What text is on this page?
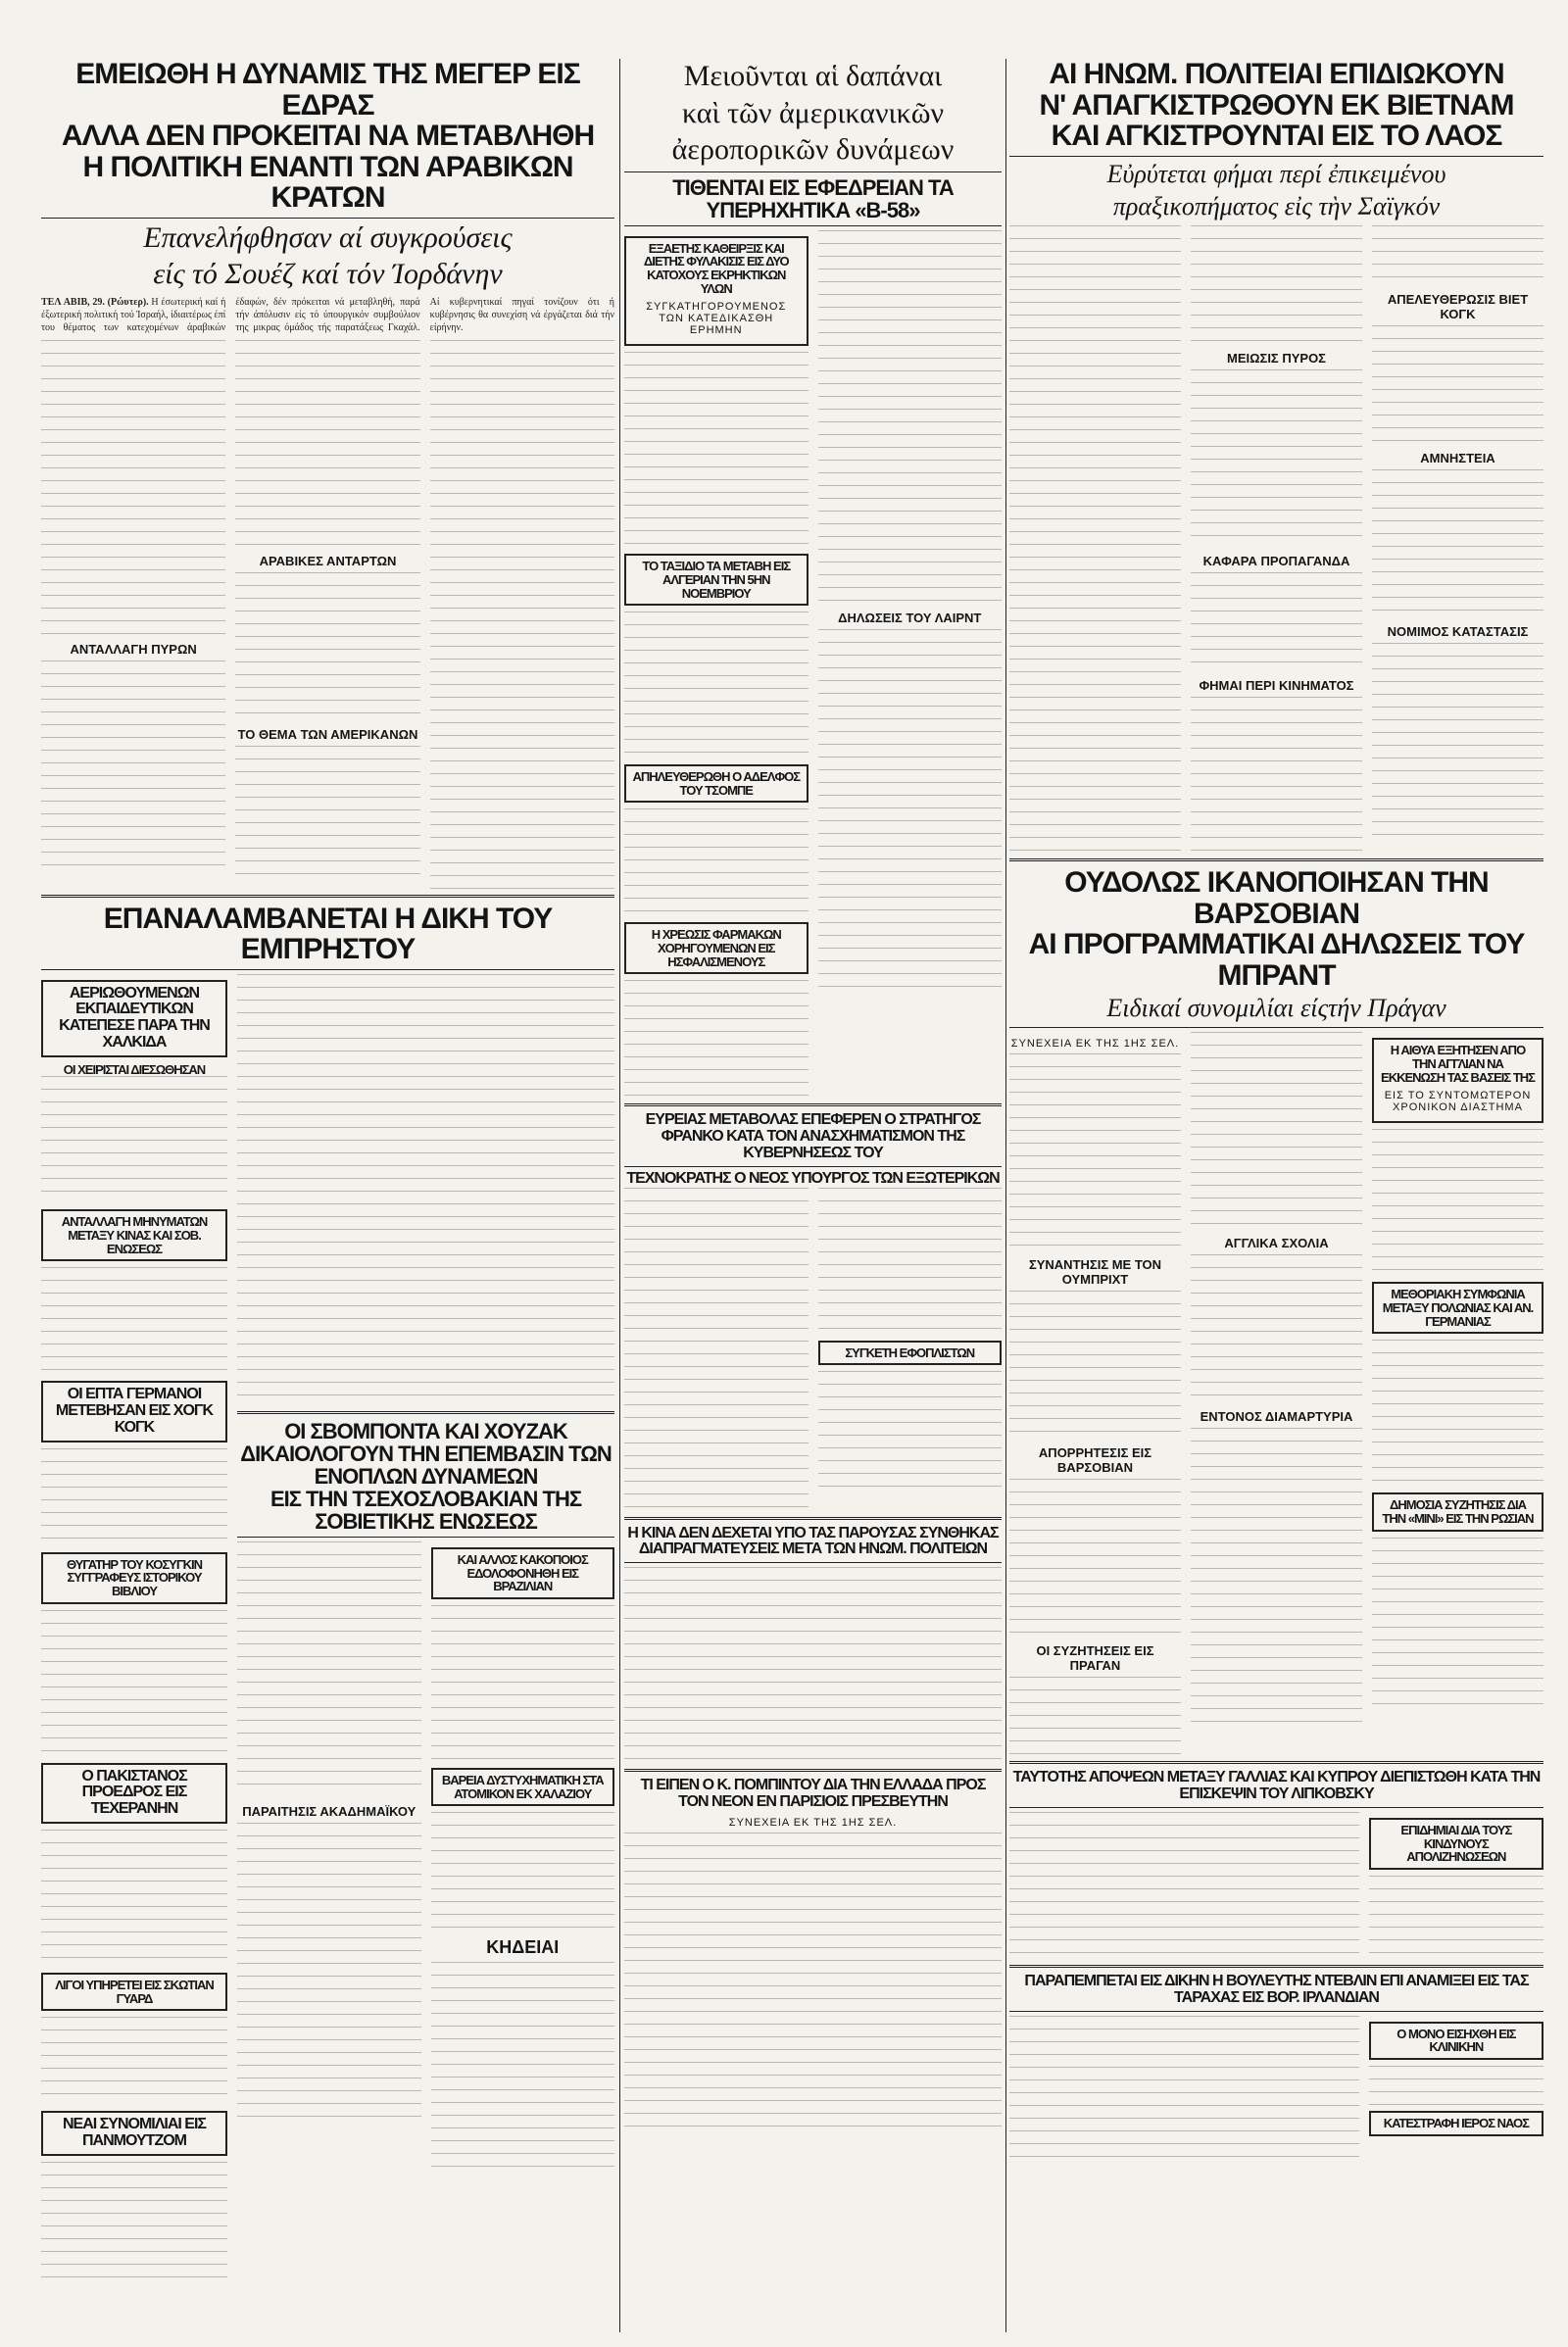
ΕΜΕΙΩΘΗ Η ΔΥΝΑΜΙΣ ΤΗΣ ΜΕΓΕΡ ΕΙΣ ΕΔΡΑΣ

ΑΛΛΑ ΔΕΝ ΠΡΟΚΕΙΤΑΙ ΝΑ ΜΕΤΑΒΛΗΘΗ

Η ΠΟΛΙΤΙΚΗ ΕΝΑΝΤΙ ΤΩΝ ΑΡΑΒΙΚΩΝ ΚΡΑΤΩΝ

Επανελήφθησαν αί συγκρούσεις

είς τό Σουέζ καί τόν Ίορδάνην

ΤΕΛ ΑΒΙΒ, 29. (Ρώυτερ). Η έσωτερική καί ή έξωτερική πολιτική τού Ίσραήλ, ίδιαιτέρως έπί του θέματος των κατεχομένων άραβικών έδαφών, δέν πρόκειται νά μεταβληθή, παρά τήν άπόλυσιν είς τό ύπουργικόν συμβούλιον της μικρας όμάδος τής παρατάξεως Γκαχάλ. Αί κυβερνητικαί πηγαί τονίζουν ότι ή κυβέρνησις θα συνεχίση νά έργάζεται διά τήν είρήνην.

ΑΝΤΑΛΛΑΓΗ ΠΥΡΩΝ

ΑΡΑΒΙΚΕΣ ΑΝΤΑΡΤΩΝ

ΤΟ ΘΕΜΑ ΤΩΝ ΑΜΕΡΙΚΑΝΩΝ

ΕΠΑΝΑΛΑΜΒΑΝΕΤΑΙ Η ΔΙΚΗ ΤΟΥ ΕΜΠΡΗΣΤΟΥ

ΑΕΡΙΩΘΟΥΜΕΝΩΝ ΕΚΠΑΙΔΕΥΤΙΚΩΝ ΚΑΤΕΠΕΣΕ ΠΑΡΑ ΤΗΝ ΧΑΛΚΙΔΑ

ΟΙ ΧΕΙΡΙΣΤΑΙ ΔΙΕΣΩΘΗΣΑΝ

ΑΝΤΑΛΛΑΓΗ ΜΗΝΥΜΑΤΩΝ ΜΕΤΑΞΥ ΚΙΝΑΣ ΚΑΙ ΣΟΒ. ΕΝΩΣΕΩΣ

ΟΙ ΕΠΤΑ ΓΕΡΜΑΝΟΙ ΜΕΤΕΒΗΣΑΝ ΕΙΣ ΧΟΓΚ ΚΟΓΚ

ΘΥΓΑΤΗΡ ΤΟΥ ΚΟΣΥΓΚΙΝ ΣΥΓΓΡΑΦΕΥΣ ΙΣΤΟΡΙΚΟΥ ΒΙΒΛΙΟΥ

Ο ΠΑΚΙΣΤΑΝΟΣ ΠΡΟΕΔΡΟΣ ΕΙΣ ΤΕΧΕΡΑΝΗΝ

ΛΙΓΟΙ ΥΠΗΡΕΤΕΙ ΕΙΣ ΣΚΩΤΙΑΝ ΓΥΑΡΔ

ΝΕΑΙ ΣΥΝΟΜΙΛΙΑΙ ΕΙΣ ΠΑΝΜΟΥΤΖΟΜ

ΟΙ ΣΒΟΜΠΟΝΤΑ ΚΑΙ ΧΟΥΖΑΚ ΔΙΚΑΙΟΛΟΓΟΥΝ ΤΗΝ ΕΠΕΜΒΑΣΙΝ ΤΩΝ ΕΝΟΠΛΩΝ ΔΥΝΑΜΕΩΝ

ΕΙΣ ΤΗΝ ΤΣΕΧΟΣΛΟΒΑΚΙΑΝ ΤΗΣ ΣΟΒΙΕΤΙΚΗΣ ΕΝΩΣΕΩΣ

ΠΑΡΑΙΤΗΣΙΣ ΑΚΑΔΗΜΑΪΚΟΥ

ΚΑΙ ΑΛΛΟΣ ΚΑΚΟΠΟΙΟΣ ΕΔΟΛΟΦΟΝΗΘΗ ΕΙΣ ΒΡΑΖΙΛΙΑΝ

ΒΑΡΕΙΑ ΔΥΣΤΥΧΗΜΑΤΙΚΗ ΣΤΑ ΑΤΟΜΙΚΟΝ ΕΚ ΧΑΛΑΖΙΟΥ

ΚΗΔΕΙΑΙ

Μειοῦνται αἱ δαπάναι

καὶ τῶν ἀμερικανικῶν

ἀεροπορικῶν δυνάμεων

ΤΙΘΕΝΤΑΙ ΕΙΣ ΕΦΕΔΡΕΙΑΝ ΤΑ ΥΠΕΡΗΧΗΤΙΚΑ «Β-58»

ΕΞΑΕΤΗΣ ΚΑΘΕΙΡΞΙΣ ΚΑΙ ΔΙΕΤΗΣ ΦΥΛΑΚΙΣΙΣ ΕΙΣ ΔΥΟ ΚΑΤΟΧΟΥΣ ΕΚΡΗΚΤΙΚΩΝ ΥΛΩΝ

ΣΥΓΚΑΤΗΓΟΡΟΥΜΕΝΟΣ ΤΩΝ ΚΑΤΕΔΙΚΑΣΘΗ ΕΡΗΜΗΝ

ΤΟ ΤΑΞΙΔΙΟ ΤΑ ΜΕΤΑΒΗ ΕΙΣ ΑΛΓΕΡΙΑΝ ΤΗΝ 5ΗΝ ΝΟΕΜΒΡΙΟΥ

ΑΠΗΛΕΥΘΕΡΩΘΗ Ο ΑΔΕΛΦΟΣ ΤΟΥ ΤΣΟΜΠΕ

Η ΧΡΕΩΣΙΣ ΦΑΡΜΑΚΩΝ ΧΟΡΗΓΟΥΜΕΝΩΝ ΕΙΣ ΗΣΦΑΛΙΣΜΕΝΟΥΣ

ΔΗΛΩΣΕΙΣ ΤΟΥ ΛΑΙΡΝΤ

ΕΥΡΕΙΑΣ ΜΕΤΑΒΟΛΑΣ ΕΠΕΦΕΡΕΝ Ο ΣΤΡΑΤΗΓΟΣ ΦΡΑΝΚΟ ΚΑΤΑ ΤΟΝ ΑΝΑΣΧΗΜΑΤΙΣΜΟΝ ΤΗΣ ΚΥΒΕΡΝΗΣΕΩΣ ΤΟΥ

ΤΕΧΝΟΚΡΑΤΗΣ Ο ΝΕΟΣ ΥΠΟΥΡΓΟΣ ΤΩΝ ΕΞΩΤΕΡΙΚΩΝ

ΣΥΓΚΕΤΗ ΕΦΟΠΛΙΣΤΩΝ

Η ΚΙΝΑ ΔΕΝ ΔΕΧΕΤΑΙ ΥΠΟ ΤΑΣ ΠΑΡΟΥΣΑΣ ΣΥΝΘΗΚΑΣ ΔΙΑΠΡΑΓΜΑΤΕΥΣΕΙΣ ΜΕΤΑ ΤΩΝ ΗΝΩΜ. ΠΟΛΙΤΕΙΩΝ

ΤΙ ΕΙΠΕΝ Ο Κ. ΠΟΜΠΙΝΤΟΥ ΔΙΑ ΤΗΝ ΕΛΛΑΔΑ ΠΡΟΣ ΤΟΝ ΝΕΟΝ ΕΝ ΠΑΡΙΣΙΟΙΣ ΠΡΕΣΒΕΥΤΗΝ

ΣΥΝΕΧΕΙΑ ΕΚ ΤΗΣ 1ΗΣ ΣΕΛ.

ΑΙ ΗΝΩΜ. ΠΟΛΙΤΕΙΑΙ ΕΠΙΔΙΩΚΟΥΝ

Ν' ΑΠΑΓΚΙΣΤΡΩΘΟΥΝ ΕΚ ΒΙΕΤΝΑΜ

ΚΑΙ ΑΓΚΙΣΤΡΟΥΝΤΑΙ ΕΙΣ ΤΟ ΛΑΟΣ

Εὐρύτεται φήμαι περί ἐπικειμένου

πραξικοπήματος εἰς τὴν Σαϊγκόν

ΜΕΙΩΣΙΣ ΠΥΡΟΣ

ΚΑΦΑΡΑ ΠΡΟΠΑΓΑΝΔΑ

ΦΗΜΑΙ ΠΕΡΙ ΚΙΝΗΜΑΤΟΣ

ΑΠΕΛΕΥΘΕΡΩΣΙΣ ΒΙΕΤ ΚΟΓΚ

ΑΜΝΗΣΤΕΙΑ

ΝΟΜΙΜΟΣ ΚΑΤΑΣΤΑΣΙΣ

ΟΥΔΟΛΩΣ ΙΚΑΝΟΠΟΙΗΣΑΝ ΤΗΝ ΒΑΡΣΟΒΙΑΝ

ΑΙ ΠΡΟΓΡΑΜΜΑΤΙΚΑΙ ΔΗΛΩΣΕΙΣ ΤΟΥ ΜΠΡΑΝΤ

Ειδικαί συνομιλίαι είςτήν Πράγαν

ΣΥΝΕΧΕΙΑ ΕΚ ΤΗΣ 1ΗΣ ΣΕΛ.

ΣΥΝΑΝΤΗΣΙΣ ΜΕ ΤΟΝ ΟΥΜΠΡΙΧΤ

ΑΠΟΡΡΗΤΕΣΙΣ ΕΙΣ ΒΑΡΣΟΒΙΑΝ

ΟΙ ΣΥΖΗΤΗΣΕΙΣ ΕΙΣ ΠΡΑΓΑΝ

ΑΓΓΛΙΚΑ ΣΧΟΛΙΑ

ΕΝΤΟΝΟΣ ΔΙΑΜΑΡΤΥΡΙΑ

Η ΑΙΘΥΑ ΕΞΗΤΗΣΕΝ ΑΠΟ ΤΗΝ ΑΓΓΛΙΑΝ ΝΑ ΕΚΚΕΝΩΣΗ ΤΑΣ ΒΑΣΕΙΣ ΤΗΣ

ΕΙΣ ΤΟ ΣΥΝΤΟΜΩΤΕΡΟΝ ΧΡΟΝΙΚΟΝ ΔΙΑΣΤΗΜΑ

ΜΕΘΟΡΙΑΚΗ ΣΥΜΦΩΝΙΑ ΜΕΤΑΞΥ ΠΟΛΩΝΙΑΣ ΚΑΙ ΑΝ. ΓΕΡΜΑΝΙΑΣ

ΔΗΜΟΣΙΑ ΣΥΖΗΤΗΣΙΣ ΔΙΑ ΤΗΝ «ΜΙΝΙ» ΕΙΣ ΤΗΝ ΡΩΣΙΑΝ

ΤΑΥΤΟΤΗΣ ΑΠΟΨΕΩΝ ΜΕΤΑΞΥ ΓΑΛΛΙΑΣ ΚΑΙ ΚΥΠΡΟΥ ΔΙΕΠΙΣΤΩΘΗ ΚΑΤΑ ΤΗΝ ΕΠΙΣΚΕΨΙΝ ΤΟΥ ΛΙΠΚΟΒΣΚΥ

ΕΠΙΔΗΜΙΑΙ ΔΙΑ ΤΟΥΣ ΚΙΝΔΥΝΟΥΣ ΑΠΟΛΙΖΗΝΩΣΕΩΝ

ΠΑΡΑΠΕΜΠΕΤΑΙ ΕΙΣ ΔΙΚΗΝ Η ΒΟΥΛΕΥΤΗΣ ΝΤΕΒΛΙΝ ΕΠΙ ΑΝΑΜΙΞΕΙ ΕΙΣ ΤΑΣ ΤΑΡΑΧΑΣ ΕΙΣ ΒΟΡ. ΙΡΛΑΝΔΙΑΝ

Ο ΜΟΝΟ ΕΙΣΗΧΘΗ ΕΙΣ ΚΛΙΝΙΚΗΝ

ΚΑΤΕΣΤΡΑΦΗ ΙΕΡΟΣ ΝΑΟΣ
